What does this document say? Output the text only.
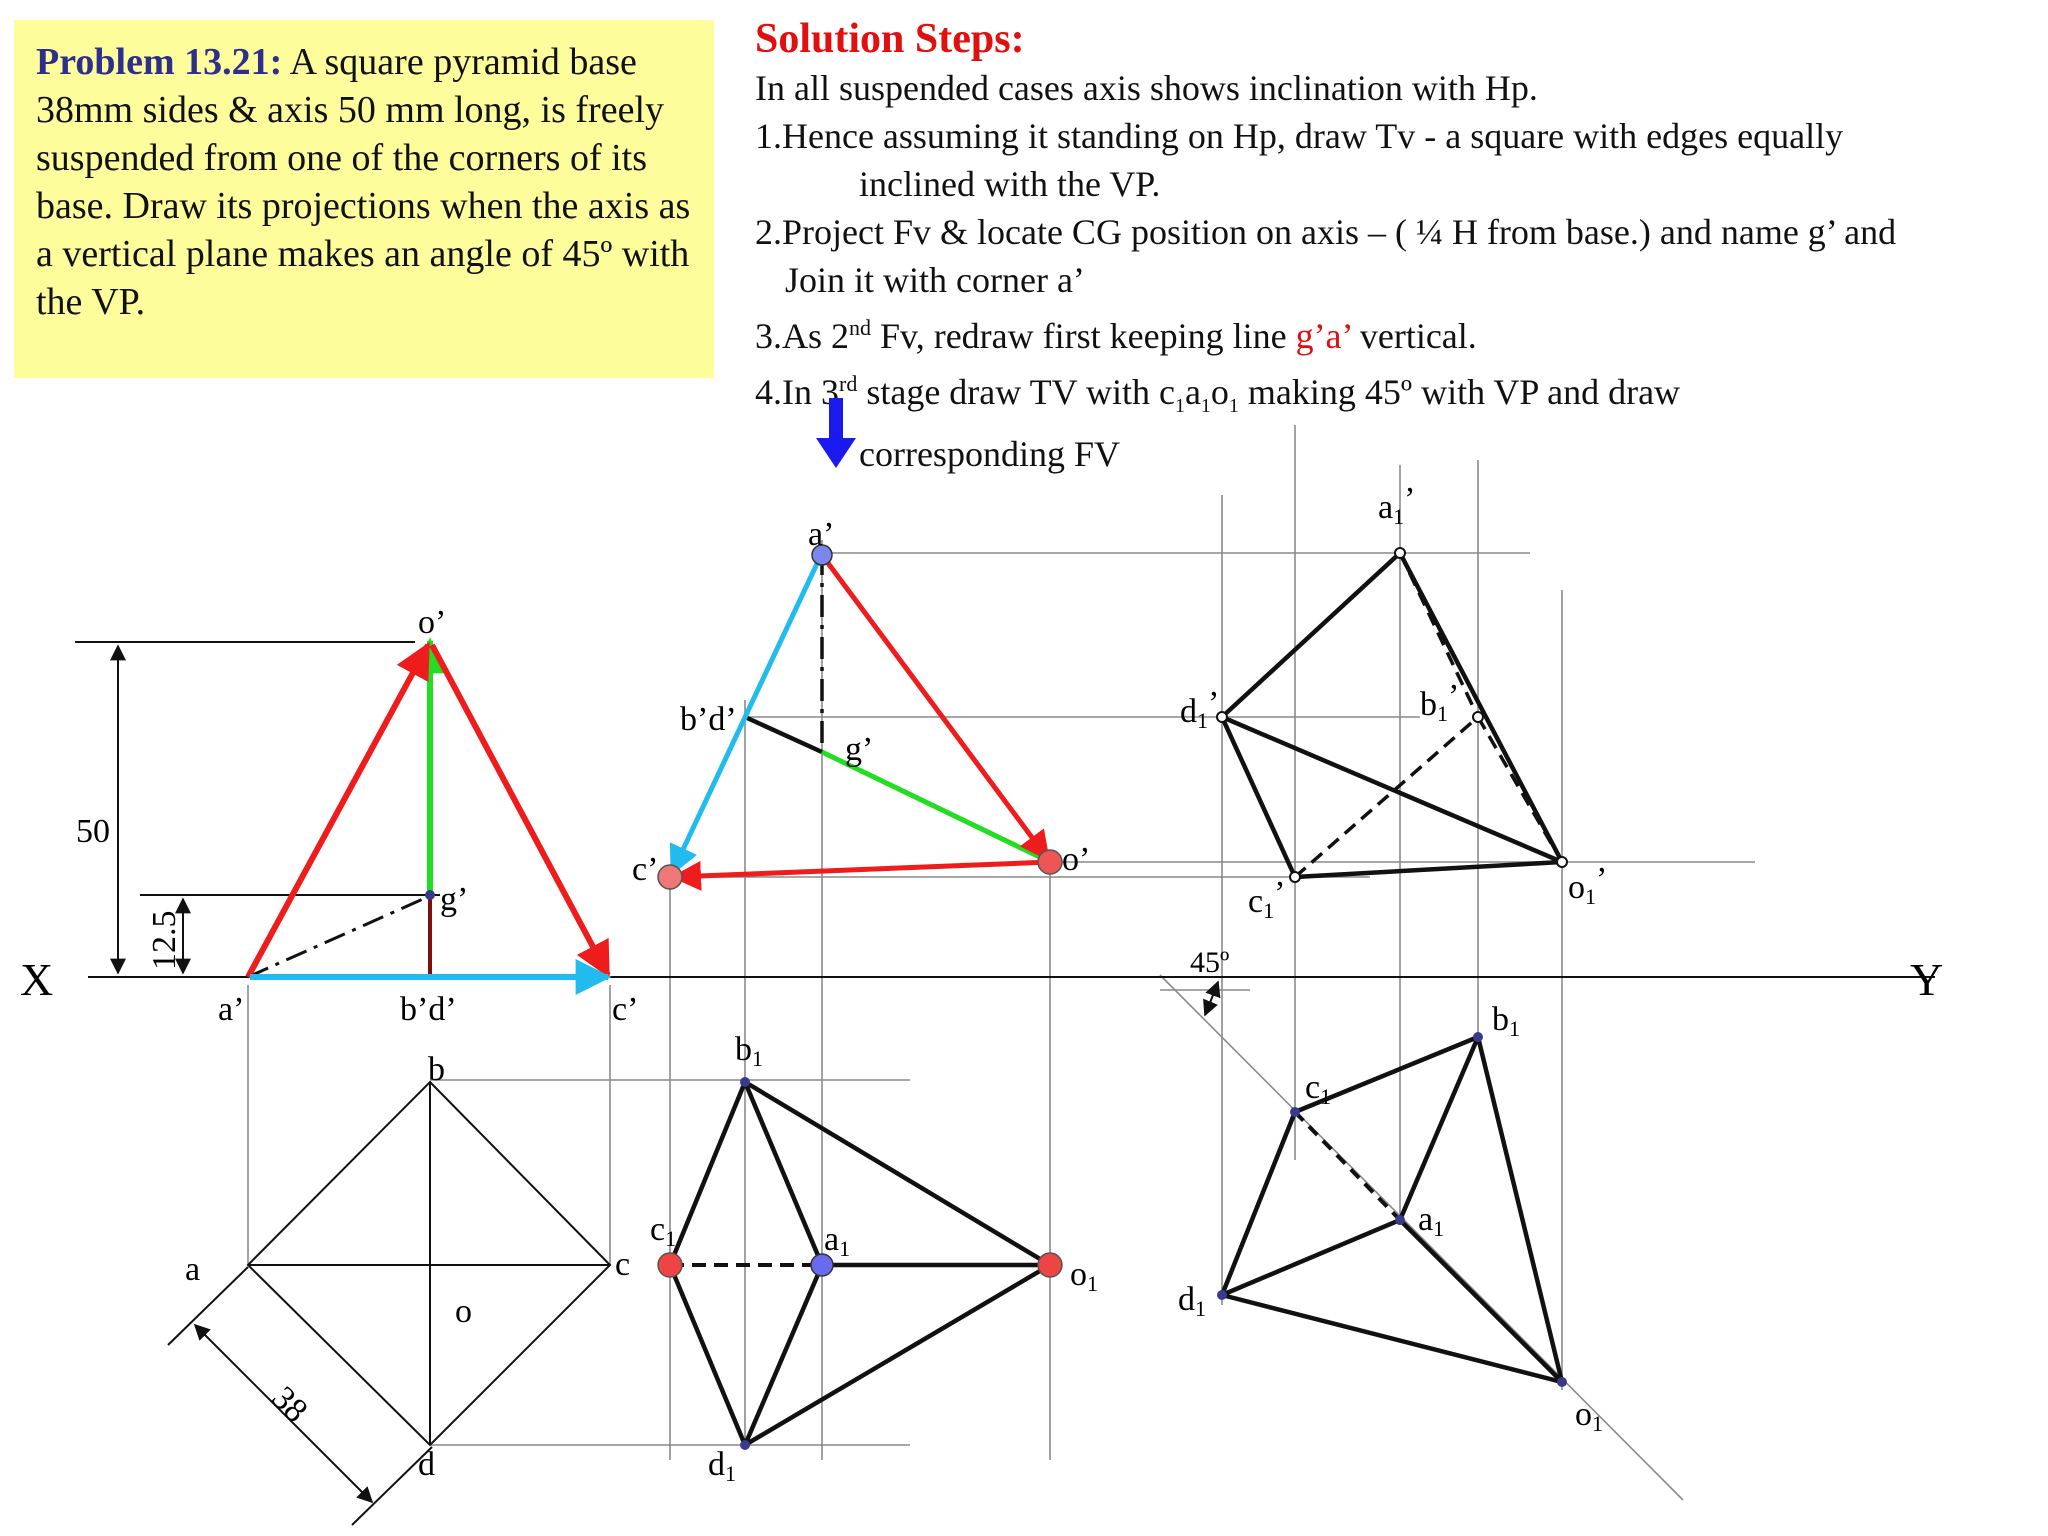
Problem 13.21: A square pyramid base 38mm sides & axis 50 mm long, is freely suspended from one of the corners of its base. Draw its projections when the axis as a vertical plane makes an angle of 45º with the VP.
Solution Steps:
In all suspended cases axis shows inclination with Hp.
1.Hence assuming it standing on Hp, draw Tv - a square with edges equally
inclined with the VP.
2.Project Fv & locate CG position on axis – ( ¼ H from base.) and name g’ and
Join it with corner a’
3.As 2nd Fv, redraw first keeping line g’a’ vertical.
4.In 3rd stage draw TV with $c_1a_1o_1$ making 45º with VP and draw
corresponding FV
X	Y
50
12.5
o’
g’
a’	b’d’	c’
b
a	c
d
o
38
a’
b’d’
g’
c’	o’
b1
c1	a1
o1
d1
a1’
d1’	b1’
c1’	o1’
45º
b1
c1
a1
d1
o1
